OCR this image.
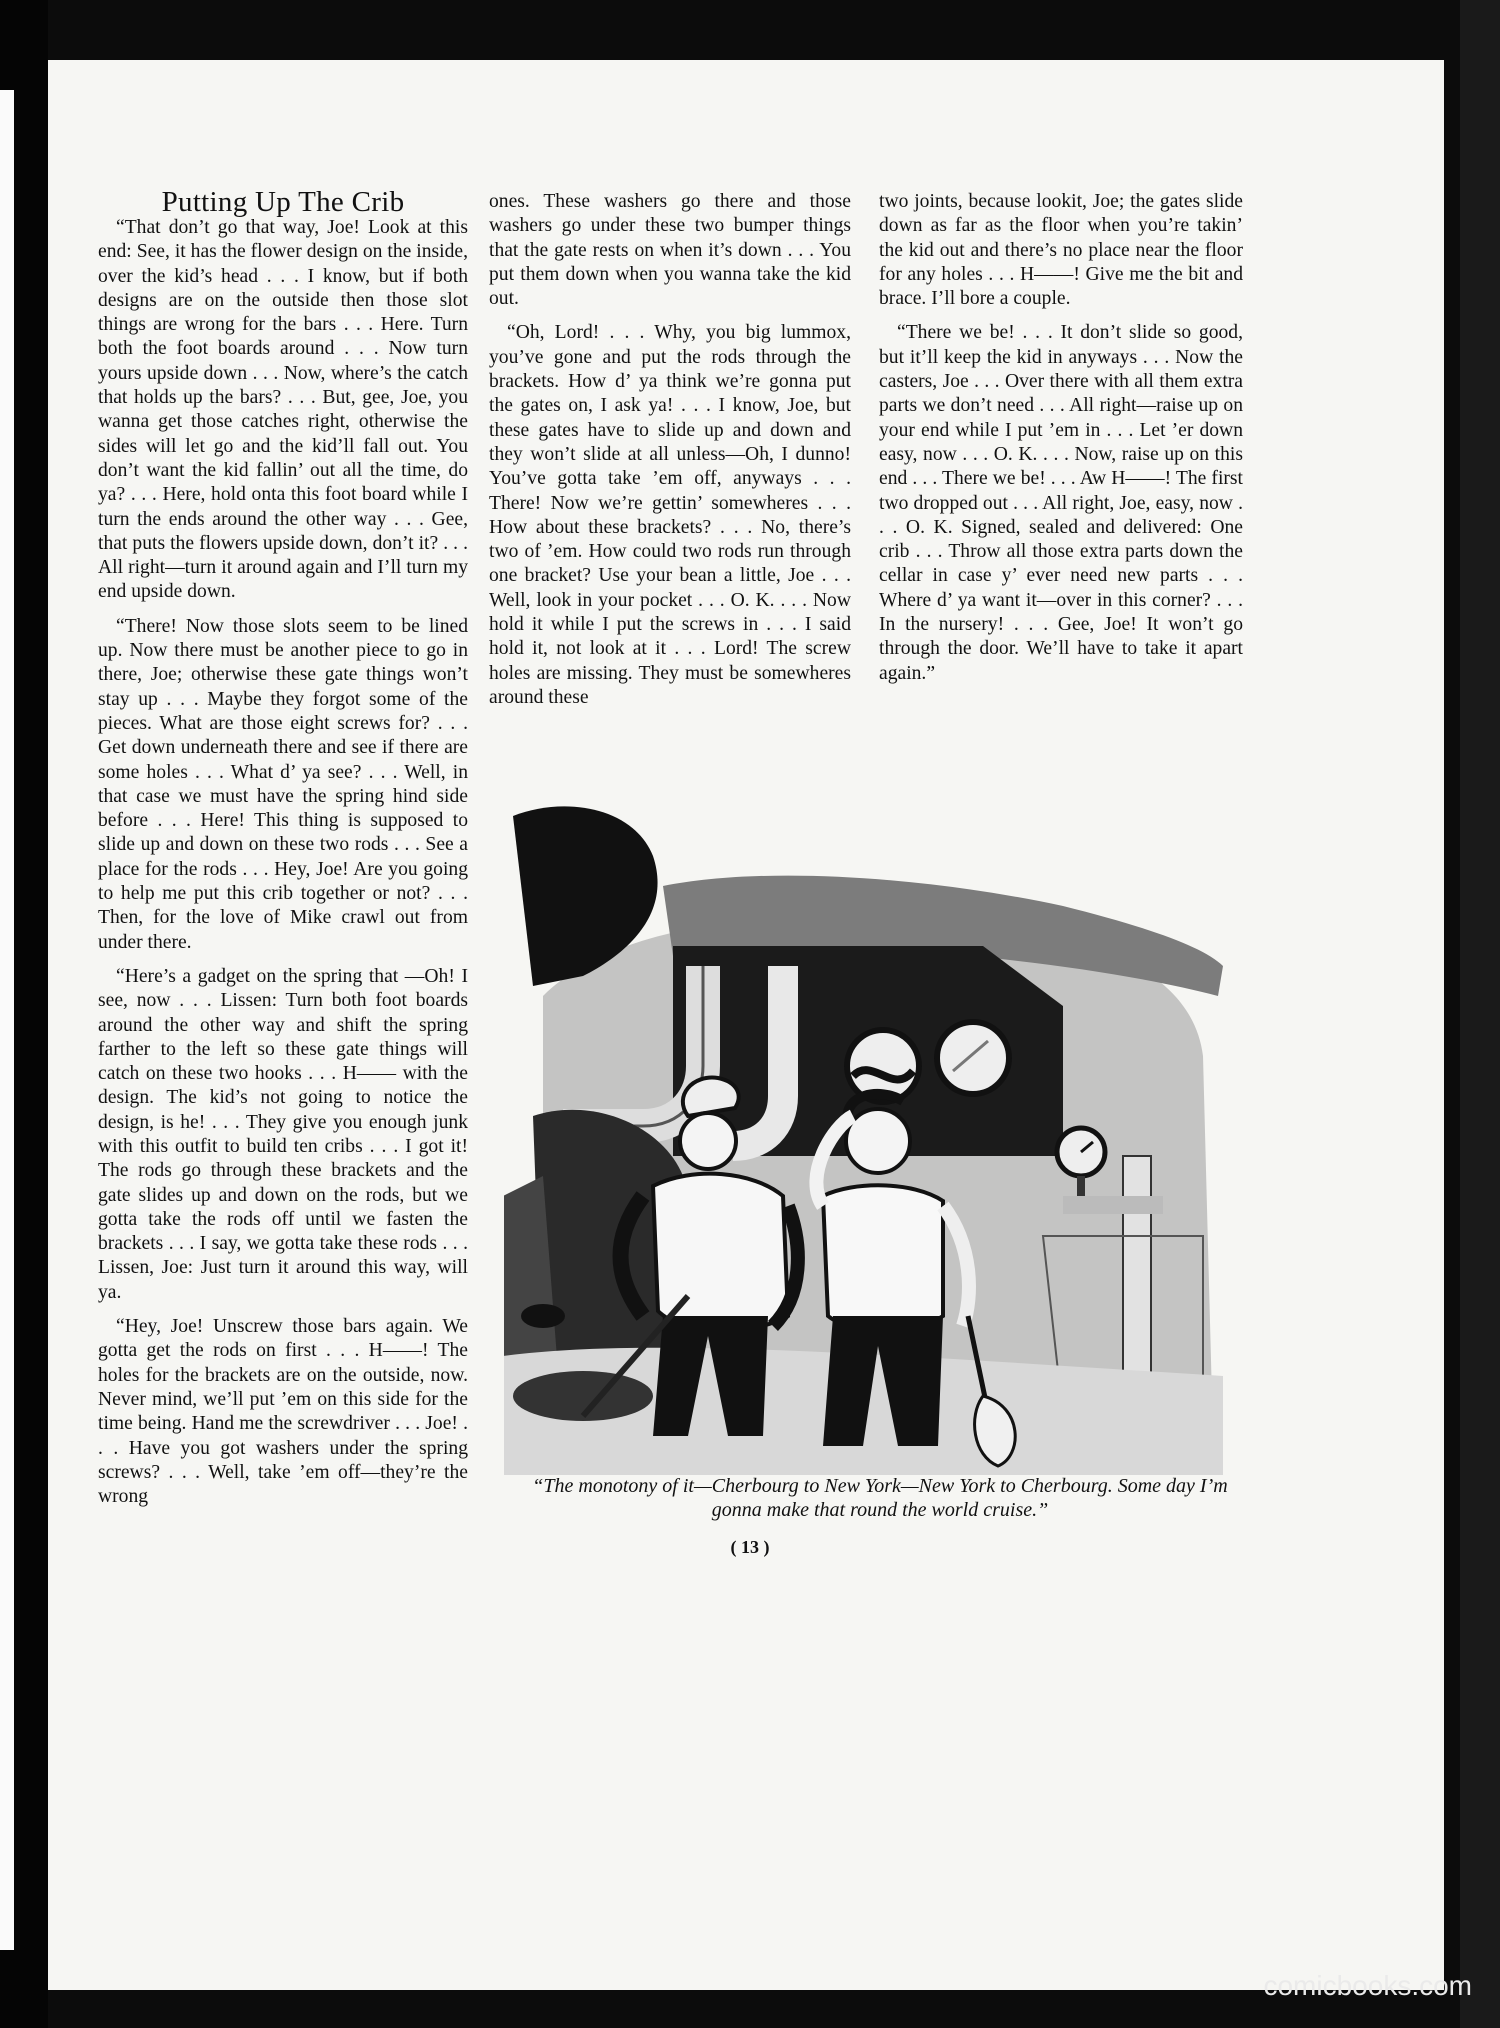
Putting Up The Crib

“That don’t go that way, Joe! Look at this end: See, it has the flower design on the inside, over the kid’s head . . . I know, but if both designs are on the outside then those slot things are wrong for the bars . . . Here. Turn both the foot boards around . . . Now turn yours upside down . . . Now, where’s the catch that holds up the bars? . . . But, gee, Joe, you wanna get those catches right, otherwise the sides will let go and the kid’ll fall out. You don’t want the kid fallin’ out all the time, do ya? . . . Here, hold onta this foot board while I turn the ends around the other way . . . Gee, that puts the flowers upside down, don’t it? . . . All right—turn it around again and I’ll turn my end upside down.

“There! Now those slots seem to be lined up. Now there must be another piece to go in there, Joe; otherwise these gate things won’t stay up . . . Maybe they forgot some of the pieces. What are those eight screws for? . . . Get down underneath there and see if there are some holes . . . What d’ ya see? . . . Well, in that case we must have the spring hind side before . . . Here! This thing is supposed to slide up and down on these two rods . . . See a place for the rods . . . Hey, Joe! Are you going to help me put this crib together or not? . . . Then, for the love of Mike crawl out from under there.

“Here’s a gadget on the spring that —Oh! I see, now . . . Lissen: Turn both foot boards around the other way and shift the spring farther to the left so these gate things will catch on these two hooks . . . H—— with the design. The kid’s not going to notice the design, is he! . . . They give you enough junk with this outfit to build ten cribs . . . I got it! The rods go through these brackets and the gate slides up and down on the rods, but we gotta take the rods off until we fasten the brackets . . . I say, we gotta take these rods . . . Lissen, Joe: Just turn it around this way, will ya.

“Hey, Joe! Unscrew those bars again. We gotta get the rods on first . . . H——! The holes for the brackets are on the outside, now. Never mind, we’ll put ’em on this side for the time being. Hand me the screwdriver . . . Joe! . . . Have you got washers under the spring screws? . . . Well, take ’em off—they’re the wrong

ones. These washers go there and those washers go under these two bumper things that the gate rests on when it’s down . . . You put them down when you wanna take the kid out.

“Oh, Lord! . . . Why, you big lummox, you’ve gone and put the rods through the brackets. How d’ ya think we’re gonna put the gates on, I ask ya! . . . I know, Joe, but these gates have to slide up and down and they won’t slide at all unless—Oh, I dunno! You’ve gotta take ’em off, anyways . . . There! Now we’re gettin’ somewheres . . . How about these brackets? . . . No, there’s two of ’em. How could two rods run through one bracket? Use your bean a little, Joe . . . Well, look in your pocket . . . O. K. . . . Now hold it while I put the screws in . . . I said hold it, not look at it . . . Lord! The screw holes are missing. They must be somewheres around these

two joints, because lookit, Joe; the gates slide down as far as the floor when you’re takin’ the kid out and there’s no place near the floor for any holes . . . H——! Give me the bit and brace. I’ll bore a couple.

“There we be! . . . It don’t slide so good, but it’ll keep the kid in anyways . . . Now the casters, Joe . . . Over there with all them extra parts we don’t need . . . All right—raise up on your end while I put ’em in . . . Let ’er down easy, now . . . O. K. . . . Now, raise up on this end . . . There we be! . . . Aw H——! The first two dropped out . . . All right, Joe, easy, now . . . O. K. Signed, sealed and delivered: One crib . . . Throw all those extra parts down the cellar in case y’ ever need new parts . . . Where d’ ya want it—over in this corner? . . . In the nursery! . . . Gee, Joe! It won’t go through the door. We’ll have to take it apart again.”

“The monotony of it—Cherbourg to New York—New York to Cherbourg. Some day I’m gonna make that round the world cruise.”
( 13 )
comicbooks.com
